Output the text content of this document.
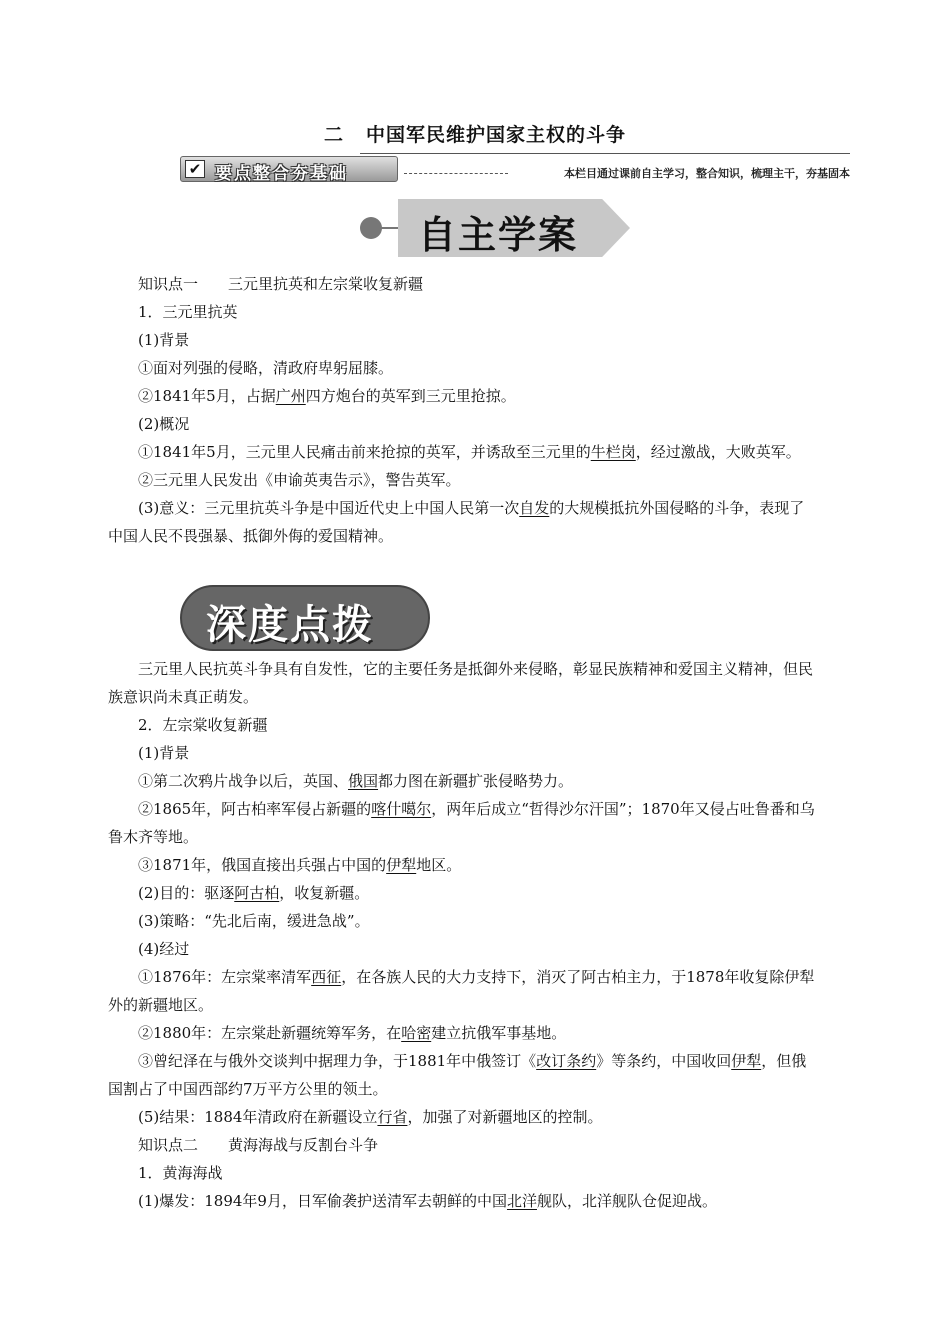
二 中国军民维护国家主权的斗争
✔ 要点整合夯基础	本栏目通过课前自主学习，整合知识，梳理主干，夯基固本
自主学案

知识点一 三元里抗英和左宗棠收复新疆

1．三元里抗英

(1)背景

①面对列强的侵略，清政府卑躬屈膝。

②1841年5月，占据广州四方炮台的英军到三元里抢掠。

(2)概况

①1841年5月，三元里人民痛击前来抢掠的英军，并诱敌至三元里的牛栏岗，经过激战，大败英军。

②三元里人民发出《申谕英夷告示》，警告英军。

(3)意义：三元里抗英斗争是中国近代史上中国人民第一次自发的大规模抵抗外国侵略的斗争，表现了中国人民不畏强暴、抵御外侮的爱国精神。

深度点拨

三元里人民抗英斗争具有自发性，它的主要任务是抵御外来侵略，彰显民族精神和爱国主义精神，但民族意识尚未真正萌发。

2．左宗棠收复新疆

(1)背景

①第二次鸦片战争以后，英国、俄国都力图在新疆扩张侵略势力。

②1865年，阿古柏率军侵占新疆的喀什噶尔，两年后成立“哲得沙尔汗国”；1870年又侵占吐鲁番和乌鲁木齐等地。

③1871年，俄国直接出兵强占中国的伊犁地区。

(2)目的：驱逐阿古柏，收复新疆。

(3)策略：“先北后南，缓进急战”。

(4)经过

①1876年：左宗棠率清军西征，在各族人民的大力支持下，消灭了阿古柏主力，于1878年收复除伊犁外的新疆地区。

②1880年：左宗棠赴新疆统筹军务，在哈密建立抗俄军事基地。

③曾纪泽在与俄外交谈判中据理力争，于1881年中俄签订《改订条约》等条约，中国收回伊犁，但俄国割占了中国西部约7万平方公里的领土。

(5)结果：1884年清政府在新疆设立行省，加强了对新疆地区的控制。

知识点二 黄海海战与反割台斗争

1．黄海海战

(1)爆发：1894年9月，日军偷袭护送清军去朝鲜的中国北洋舰队，北洋舰队仓促迎战。
